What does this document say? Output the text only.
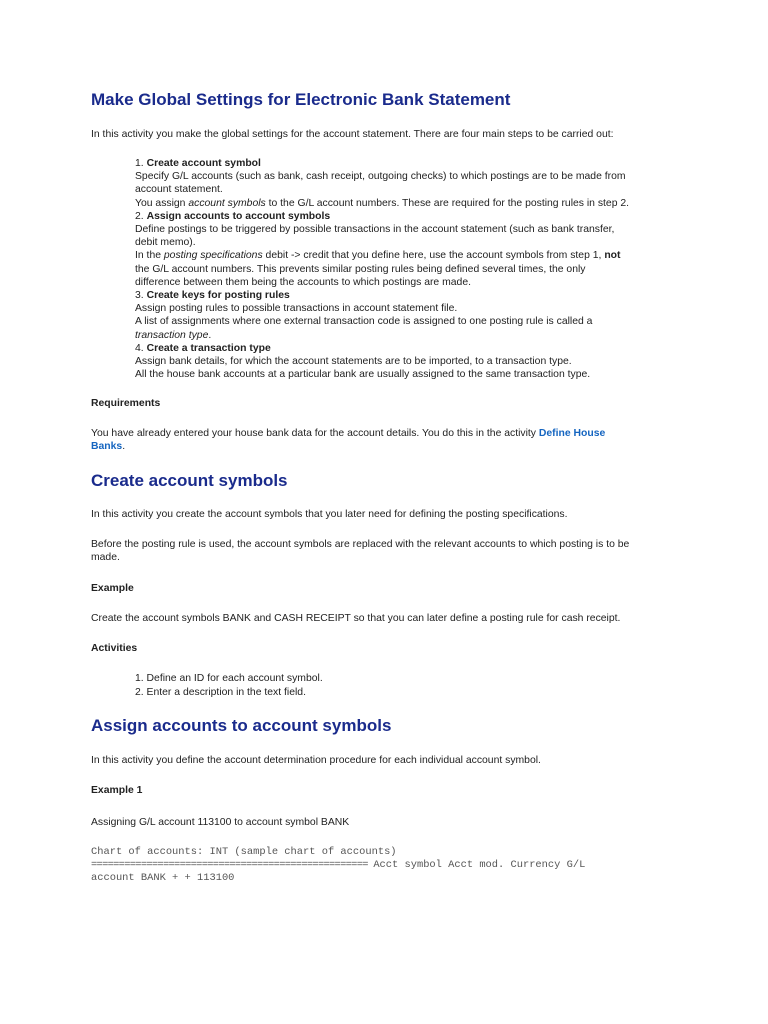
Make Global Settings for Electronic Bank Statement
In this activity you make the global settings for the account statement. There are four main steps to be carried out:
1. Create account symbol
Specify G/L accounts (such as bank, cash receipt, outgoing checks) to which postings are to be made from
account statement.
You assign account symbols to the G/L account numbers. These are required for the posting rules in step 2.
2. Assign accounts to account symbols
Define postings to be triggered by possible transactions in the account statement (such as bank transfer,
debit memo).
In the posting specifications debit -> credit that you define here, use the account symbols from step 1, not
the G/L account numbers. This prevents similar posting rules being defined several times, the only
difference between them being the accounts to which postings are made.
3. Create keys for posting rules
Assign posting rules to possible transactions in account statement file.
A list of assignments where one external transaction code is assigned to one posting rule is called a
transaction type.
4. Create a transaction type
Assign bank details, for which the account statements are to be imported, to a transaction type.
All the house bank accounts at a particular bank are usually assigned to the same transaction type.
Requirements
You have already entered your house bank data for the account details. You do this in the activity Define House
Banks.
Create account symbols
In this activity you create the account symbols that you later need for defining the posting specifications.
Before the posting rule is used, the account symbols are replaced with the relevant accounts to which posting is to be
made.
Example
Create the account symbols BANK and CASH RECEIPT so that you can later define a posting rule for cash receipt.
Activities
1. Define an ID for each account symbol.
2. Enter a description in the text field.
Assign accounts to account symbols
In this activity you define the account determination procedure for each individual account symbol.
Example 1
Assigning G/L account 113100 to account symbol BANK
Chart of accounts: INT (sample chart of accounts)
================================================== Acct symbol Acct mod. Currency G/L
account BANK + + 113100
